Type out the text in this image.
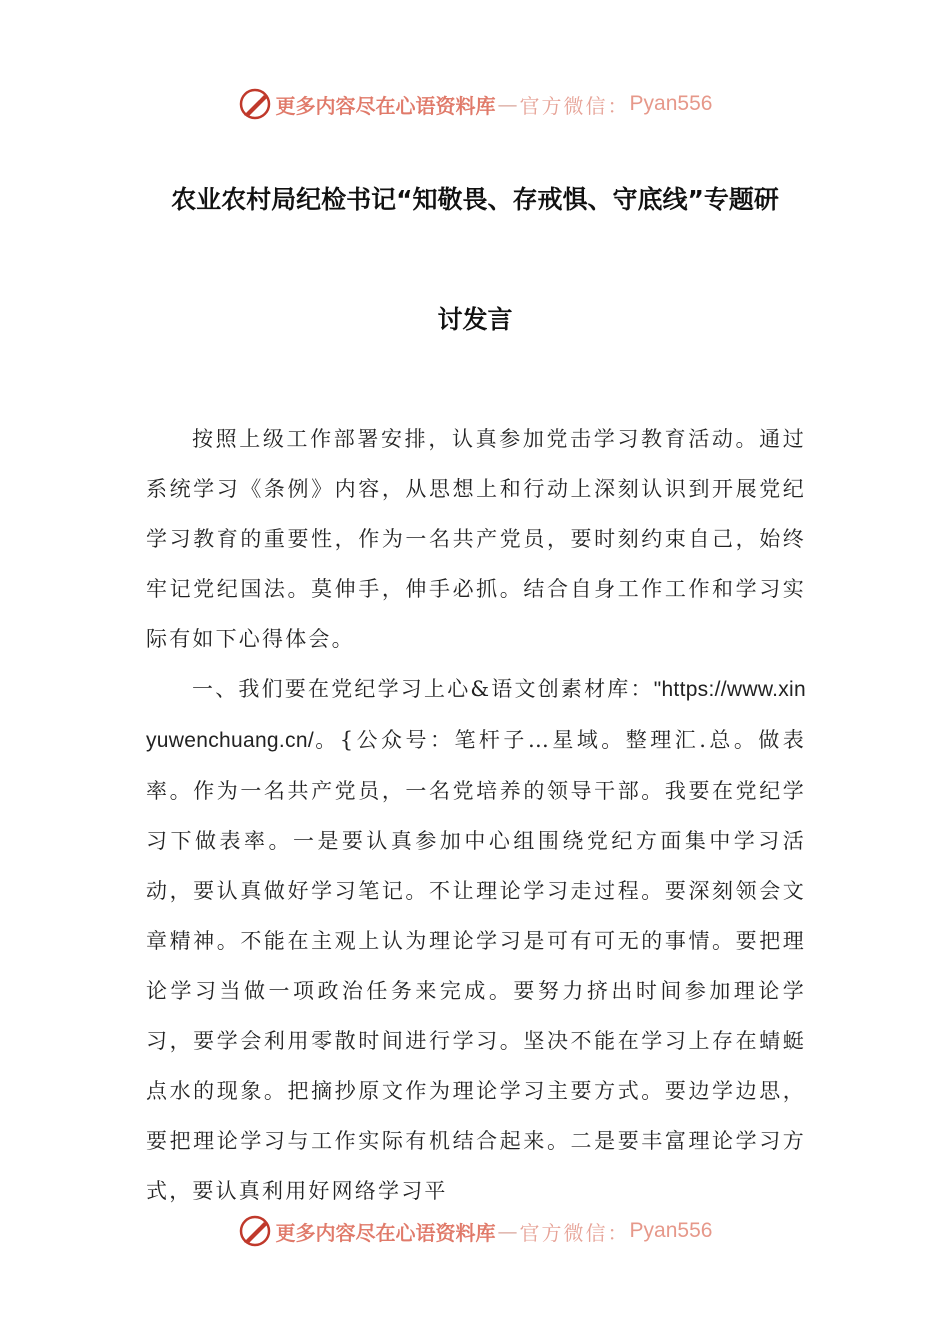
更多内容尽在心语资料库 — 官方微信： Pyan556
农业农村局纪检书记“知敬畏、存戒惧、守底线”专题研
讨发言

按照上级工作部署安排，认真参加党击学习教育活动。通过系统学习《条例》内容，从思想上和行动上深刻认识到开展党纪学习教育的重要性，作为一名共产党员，要时刻约束自己，始终牢记党纪国法。莫伸手，伸手必抓。结合自身工作工作和学习实际有如下心得体会。

一、我们要在党纪学习上心&语文创素材库："https://www.xinyuwenchuang.cn/。{公众号：笔杆子…星域。整理汇.总。做表率。作为一名共产党员，一名党培养的领导干部。我要在党纪学习下做表率。一是要认真参加中心组围绕党纪方面集中学习活动，要认真做好学习笔记。不让理论学习走过程。要深刻领会文章精神。不能在主观上认为理论学习是可有可无的事情。要把理论学习当做一项政治任务来完成。要努力挤出时间参加理论学习，要学会利用零散时间进行学习。坚决不能在学习上存在蜻蜓点水的现象。把摘抄原文作为理论学习主要方式。要边学边思，要把理论学习与工作实际有机结合起来。二是要丰富理论学习方式，要认真利用好网络学习平

更多内容尽在心语资料库 — 官方微信： Pyan556
